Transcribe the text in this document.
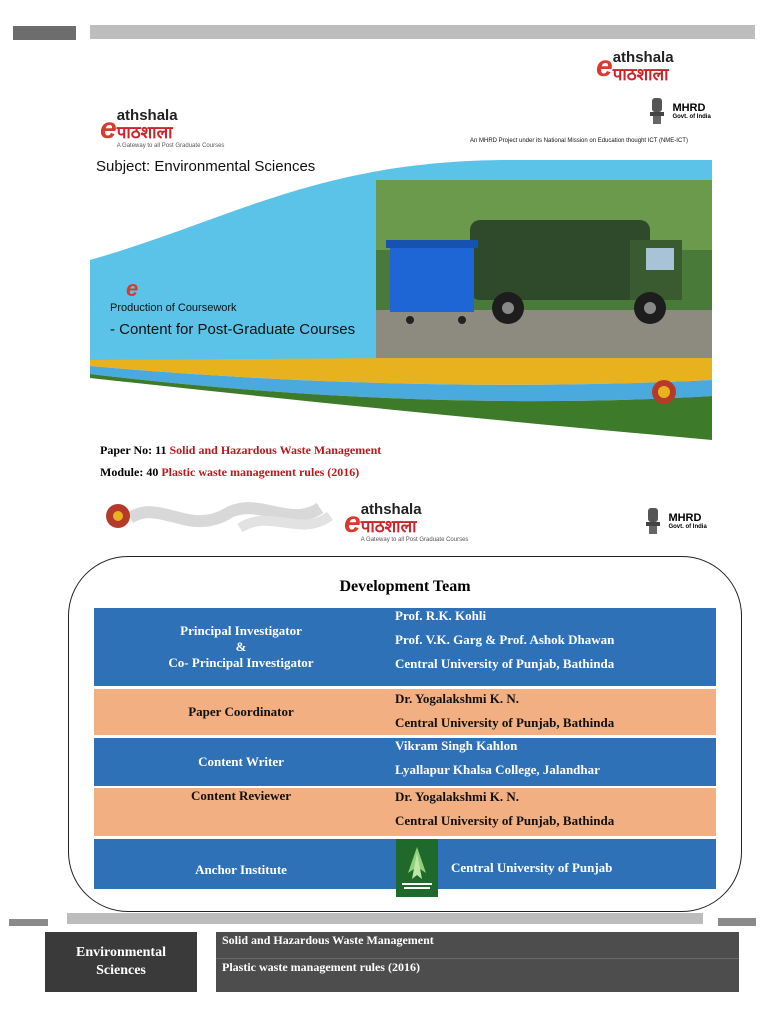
e athshala
पाठशाला
MHRD
Govt. of India
An MHRD Project under its National Mission on Education thought ICT (NME-ICT)
e athshala
पाठशाला
A Gateway to all Post Graduate Courses
Subject: Environmental Sciences
e
Production of Coursework
- Content for Post-Graduate Courses
Paper No: 11 Solid and Hazardous Waste Management
Module: 40 Plastic waste management rules (2016)
e athshala
पाठशाला
A Gateway to all Post Graduate Courses
MHRD
Govt. of India
Development Team
Principal Investigator
&
Co- Principal Investigator
Prof. R.K. Kohli
Prof. V.K. Garg & Prof. Ashok Dhawan
Central University of Punjab, Bathinda
Paper Coordinator
Dr. Yogalakshmi K. N.
Central University of Punjab, Bathinda
Content Writer
Vikram Singh Kahlon
Lyallapur Khalsa College, Jalandhar
Content Reviewer	Dr. Yogalakshmi K. N.
Central University of Punjab, Bathinda
Anchor Institute	Central University of Punjab
Environmental
Sciences
Solid and Hazardous Waste Management
Plastic waste management rules (2016)
